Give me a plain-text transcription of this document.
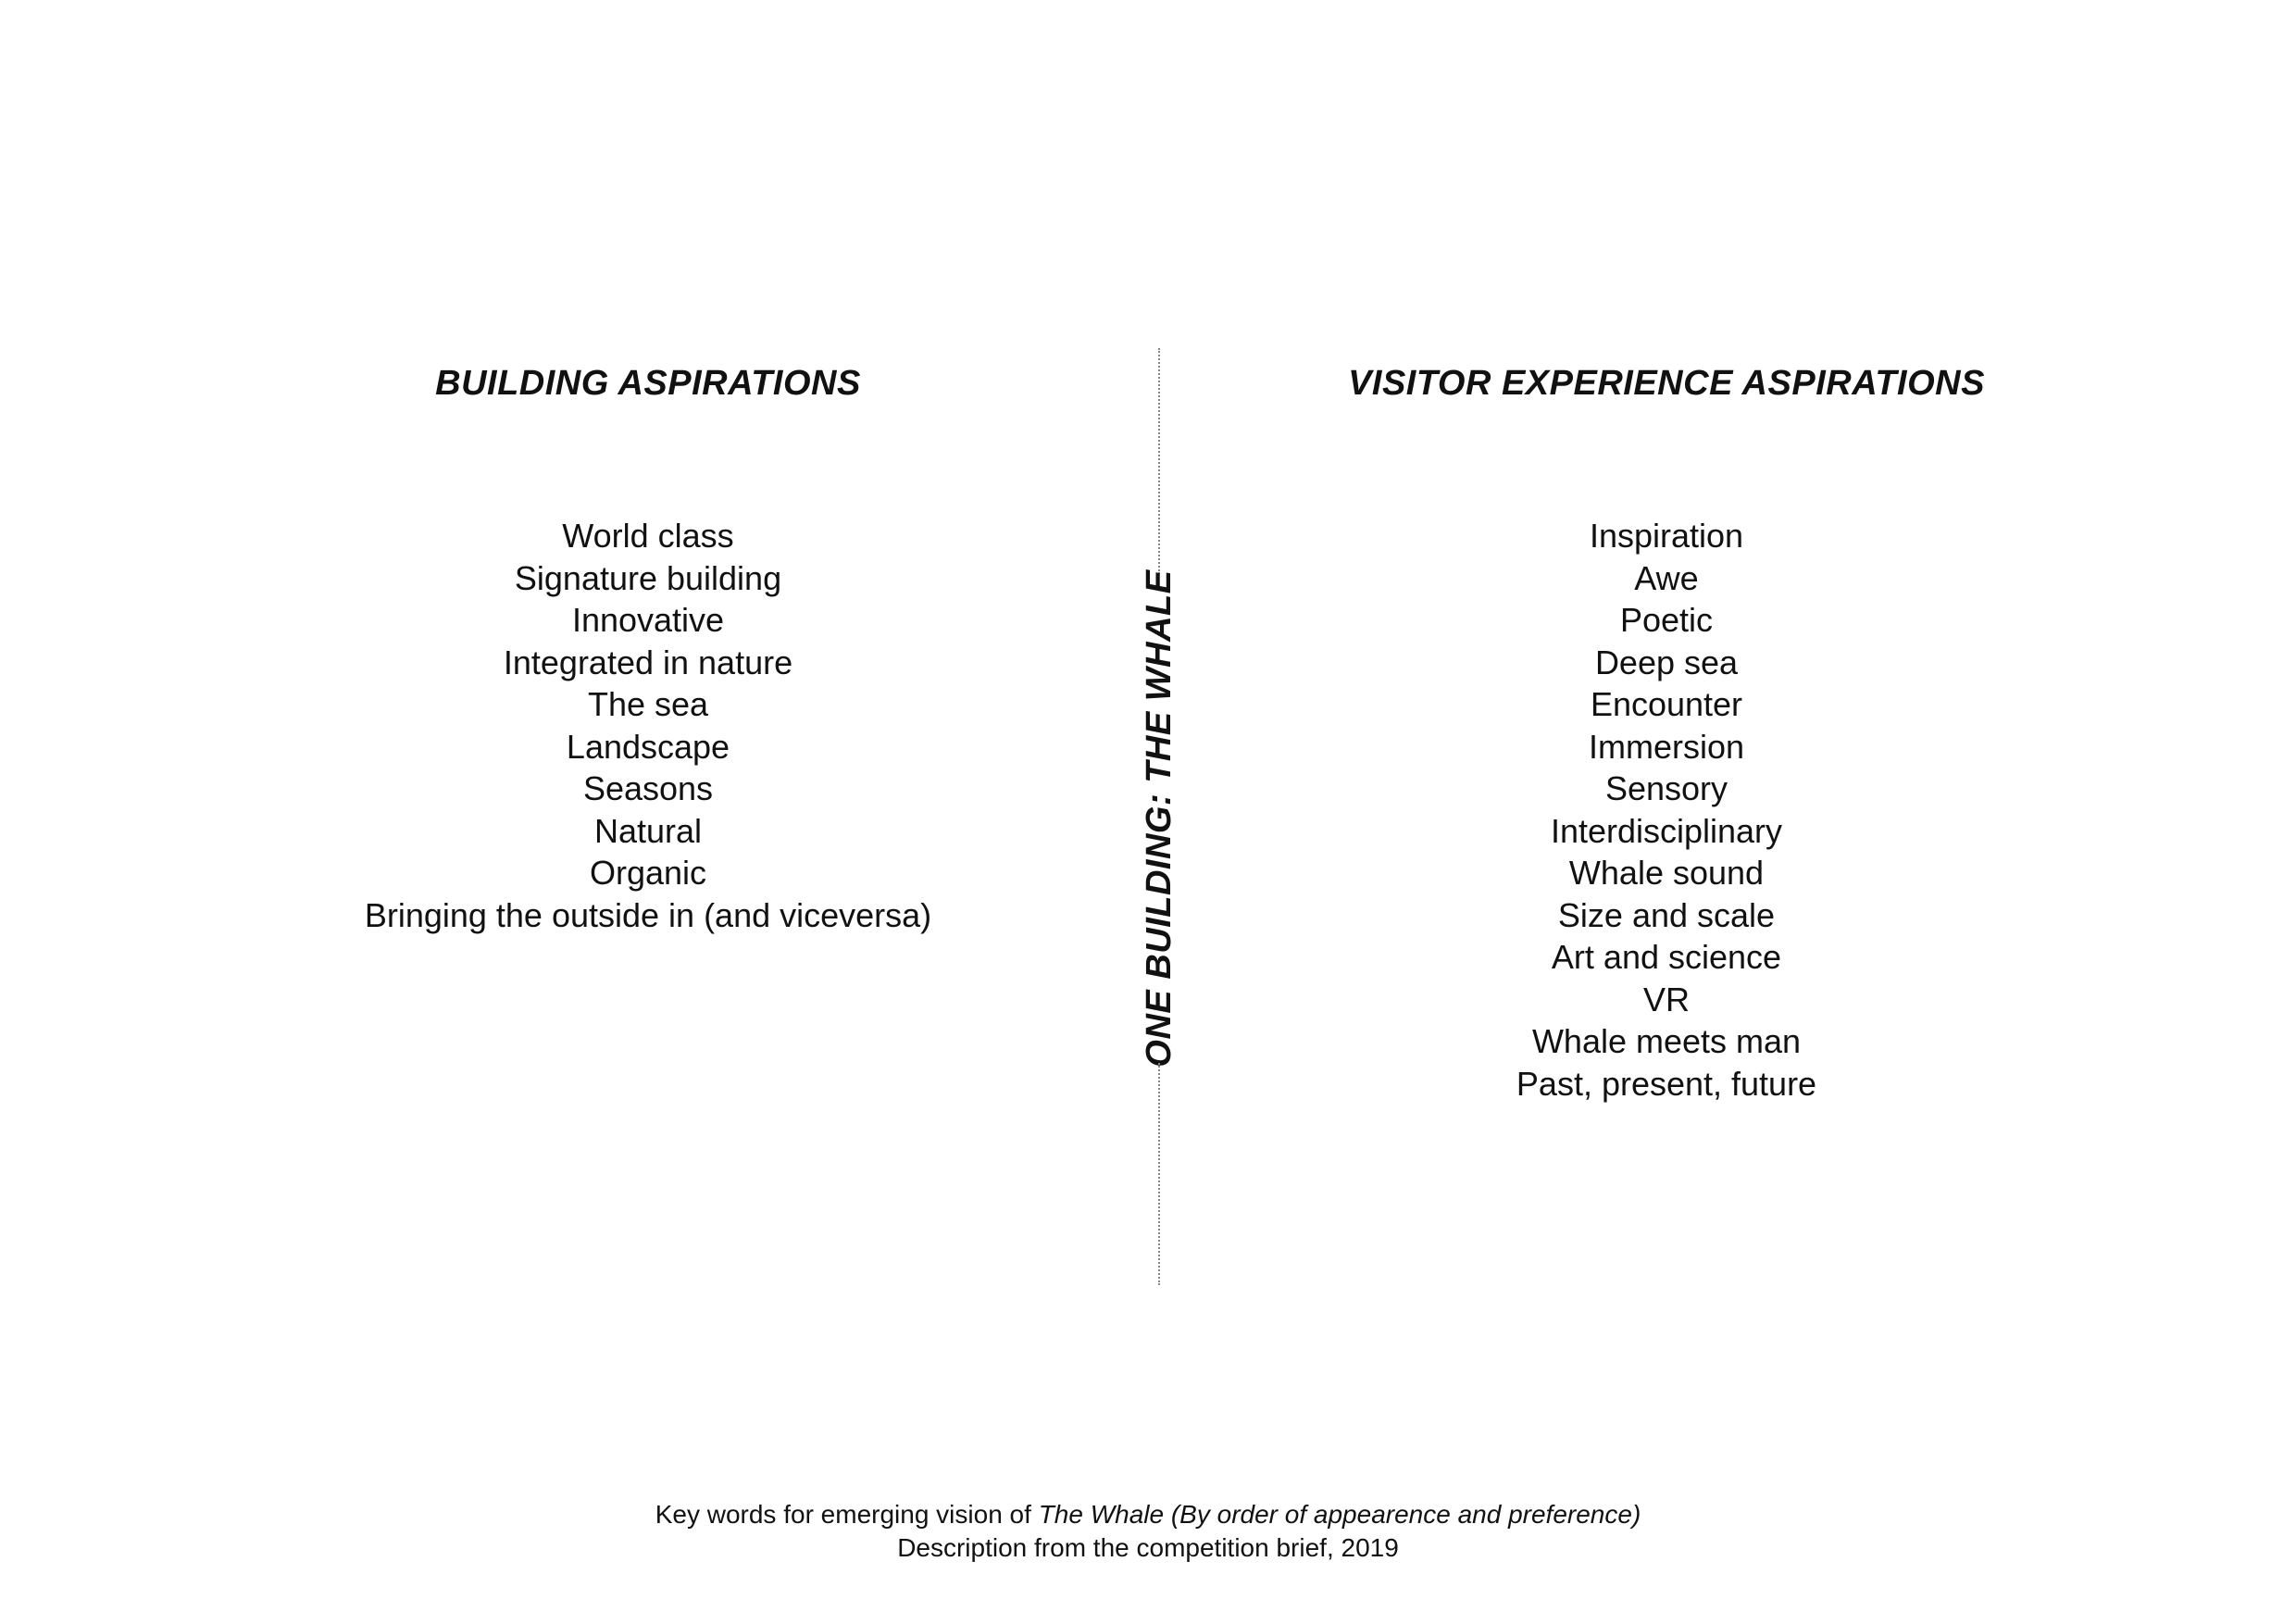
BUILDING ASPIRATIONS	VISITOR EXPERIENCE ASPIRATIONS
World class
Signature building
Innovative
Integrated in nature
The sea
Landscape
Seasons
Natural
Organic
Bringing the outside in (and viceversa)	ONE BUILDING: THE WHALE
Inspiration
Awe
Poetic
Deep sea
Encounter
Immersion
Sensory
Interdisciplinary
Whale sound
Size and scale
Art and science
VR
Whale meets man
Past, present, future
Key words for emerging vision of The Whale (By order of appearence and preference)
Description from the competition brief, 2019
